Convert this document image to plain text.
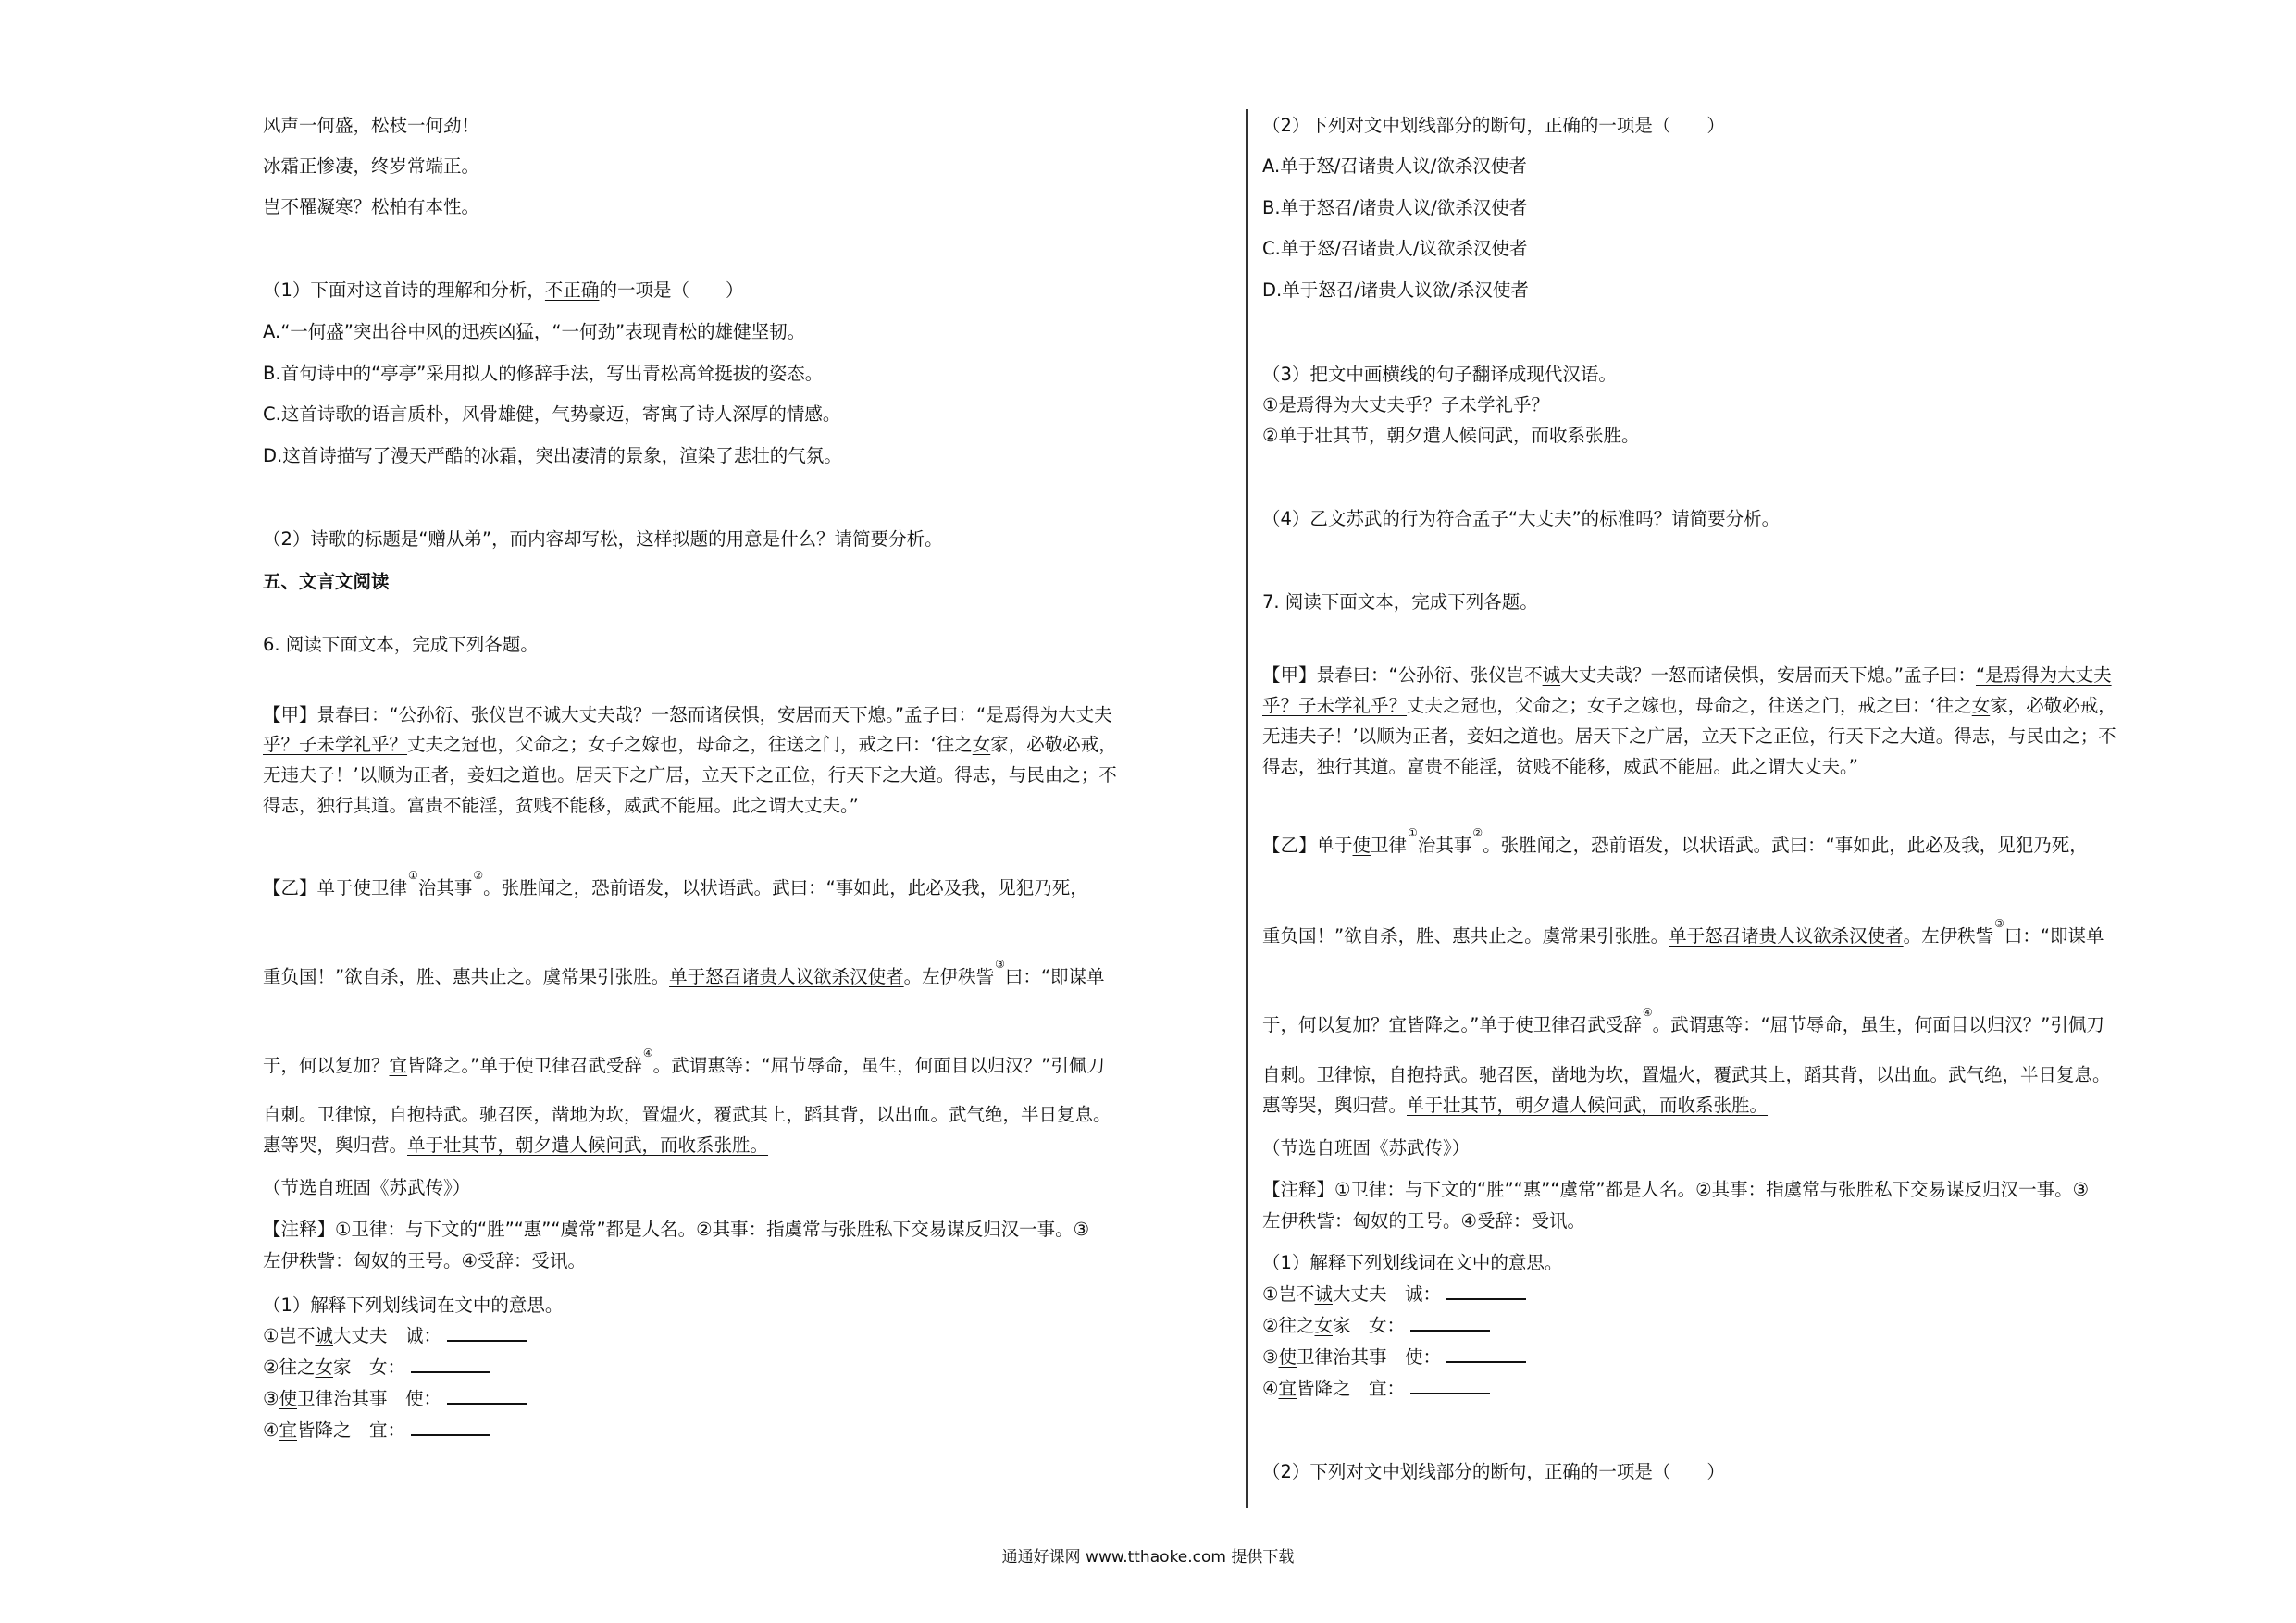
风声一何盛，松枝一何劲！
冰霜正惨凄，终岁常端正。
岂不罹凝寒？松柏有本性。
（1）下面对这首诗的理解和分析，不正确的一项是（　　）
A.“一何盛”突出谷中风的迅疾凶猛，“一何劲”表现青松的雄健坚韧。
B.首句诗中的“亭亭”采用拟人的修辞手法，写出青松高耸挺拔的姿态。
C.这首诗歌的语言质朴，风骨雄健，气势豪迈，寄寓了诗人深厚的情感。
D.这首诗描写了漫天严酷的冰霜，突出凄清的景象，渲染了悲壮的气氛。
（2）诗歌的标题是“赠从弟”，而内容却写松，这样拟题的用意是什么？请简要分析。
五、文言文阅读
6. 阅读下面文本，完成下列各题。
【甲】景春曰：“公孙衍、张仪岂不诚大丈夫哉？一怒而诸侯惧，安居而天下熄。”孟子曰：“是焉得为大丈夫
乎？子未学礼乎？丈夫之冠也，父命之；女子之嫁也，母命之，往送之门，戒之曰：‘往之女家，必敬必戒，
无违夫子！’以顺为正者，妾妇之道也。居天下之广居，立天下之正位，行天下之大道。得志，与民由之；不
得志，独行其道。富贵不能淫，贫贱不能移，威武不能屈。此之谓大丈夫。”
【乙】单于使卫律①治其事②。张胜闻之，恐前语发，以状语武。武曰：“事如此，此必及我，见犯乃死，
重负国！”欲自杀，胜、惠共止之。虞常果引张胜。单于怒召诸贵人议欲杀汉使者。左伊秩訾③曰：“即谋单
于，何以复加？宜皆降之。”单于使卫律召武受辞④。武谓惠等：“屈节辱命，虽生，何面目以归汉？”引佩刀
自刺。卫律惊，自抱持武。驰召医，凿地为坎，置煴火，覆武其上，蹈其背，以出血。武气绝，半日复息。
惠等哭，舆归营。单于壮其节，朝夕遣人候问武，而收系张胜。
（节选自班固《苏武传》）
【注释】①卫律：与下文的“胜”“惠”“虞常”都是人名。②其事：指虞常与张胜私下交易谋反归汉一事。③
左伊秩訾：匈奴的王号。④受辞：受讯。
（1）解释下列划线词在文中的意思。
①岂不诚大丈夫　诚：
②往之女家　女：
③使卫律治其事　使：
④宜皆降之　宜：
（2）下列对文中划线部分的断句，正确的一项是（　　）
A.单于怒/召诸贵人议/欲杀汉使者
B.单于怒召/诸贵人议/欲杀汉使者
C.单于怒/召诸贵人/议欲杀汉使者
D.单于怒召/诸贵人议欲/杀汉使者
（3）把文中画横线的句子翻译成现代汉语。
①是焉得为大丈夫乎？子未学礼乎？
②单于壮其节，朝夕遣人候问武，而收系张胜。
（4）乙文苏武的行为符合孟子“大丈夫”的标准吗？请简要分析。
7. 阅读下面文本，完成下列各题。
【甲】景春曰：“公孙衍、张仪岂不诚大丈夫哉？一怒而诸侯惧，安居而天下熄。”孟子曰：“是焉得为大丈夫
乎？子未学礼乎？丈夫之冠也，父命之；女子之嫁也，母命之，往送之门，戒之曰：‘往之女家，必敬必戒，
无违夫子！’以顺为正者，妾妇之道也。居天下之广居，立天下之正位，行天下之大道。得志，与民由之；不
得志，独行其道。富贵不能淫，贫贱不能移，威武不能屈。此之谓大丈夫。”
【乙】单于使卫律①治其事②。张胜闻之，恐前语发，以状语武。武曰：“事如此，此必及我，见犯乃死，
重负国！”欲自杀，胜、惠共止之。虞常果引张胜。单于怒召诸贵人议欲杀汉使者。左伊秩訾③曰：“即谋单
于，何以复加？宜皆降之。”单于使卫律召武受辞④。武谓惠等：“屈节辱命，虽生，何面目以归汉？”引佩刀
自刺。卫律惊，自抱持武。驰召医，凿地为坎，置煴火，覆武其上，蹈其背，以出血。武气绝，半日复息。
惠等哭，舆归营。单于壮其节，朝夕遣人候问武，而收系张胜。
（节选自班固《苏武传》）
【注释】①卫律：与下文的“胜”“惠”“虞常”都是人名。②其事：指虞常与张胜私下交易谋反归汉一事。③
左伊秩訾：匈奴的王号。④受辞：受讯。
（1）解释下列划线词在文中的意思。
①岂不诚大丈夫　诚：
②往之女家　女：
③使卫律治其事　使：
④宜皆降之　宜：
（2）下列对文中划线部分的断句，正确的一项是（　　）
通通好课网 www.tthaoke.com 提供下载
